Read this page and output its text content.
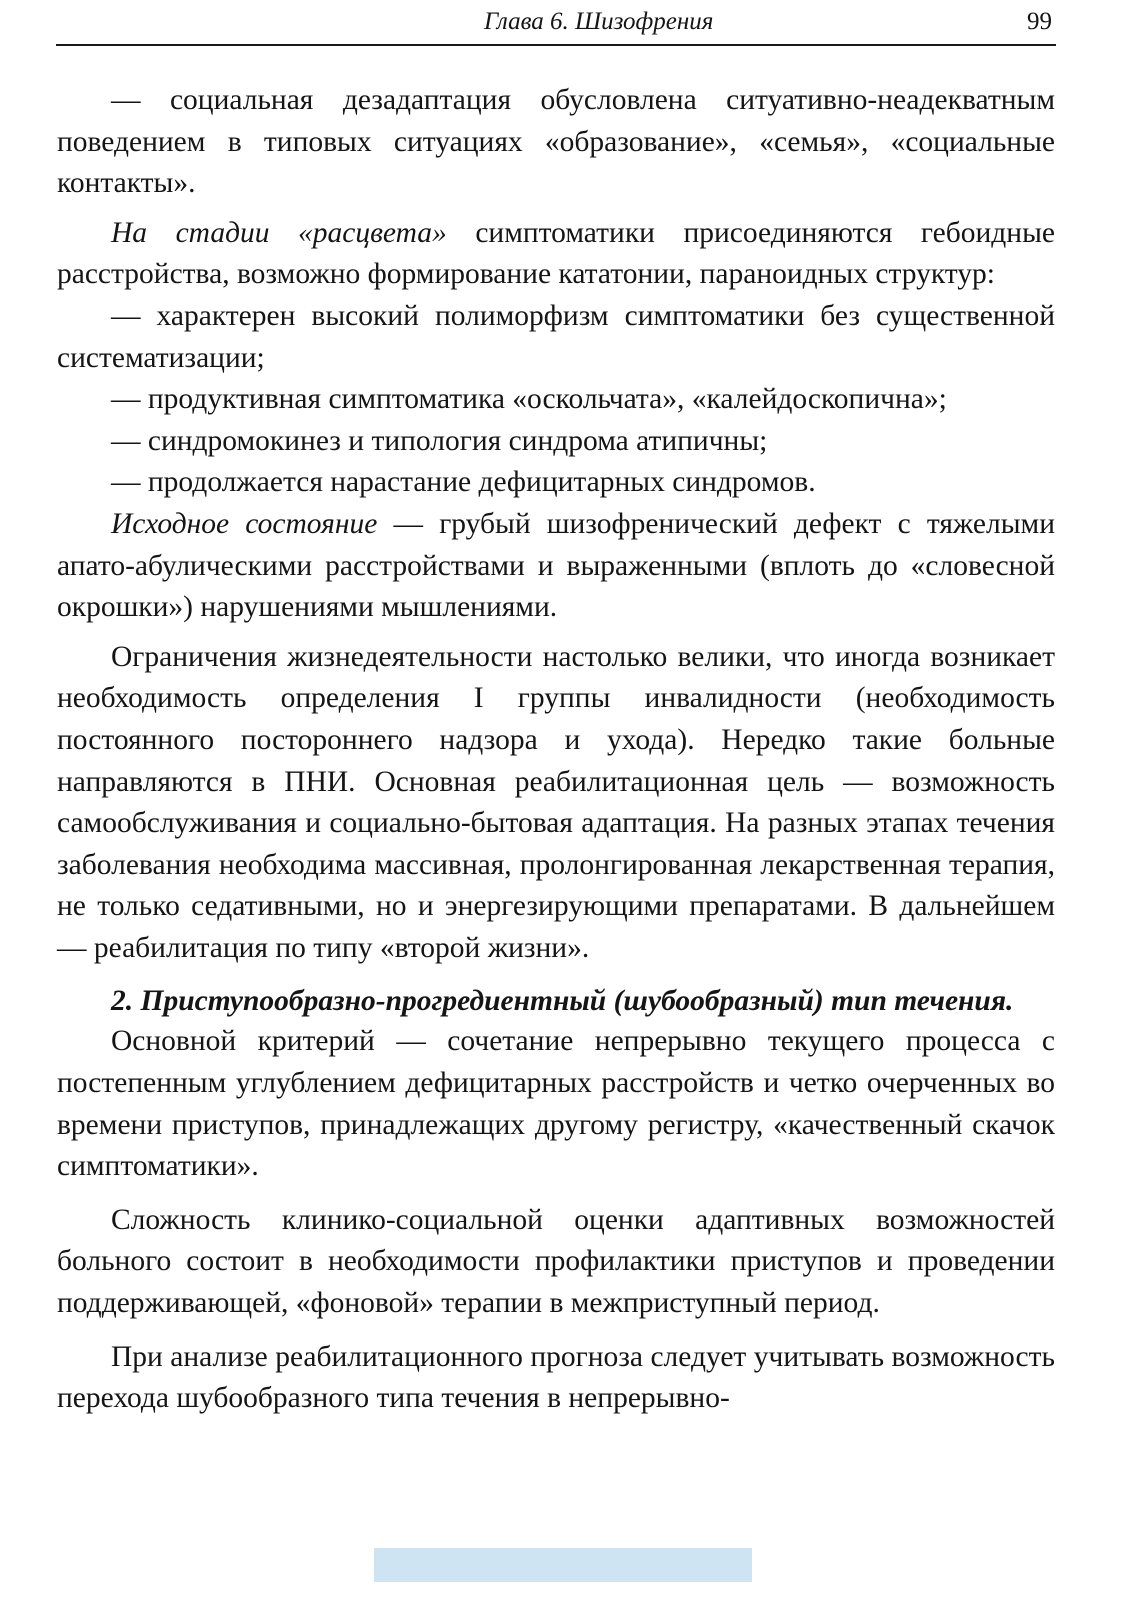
Глава 6. Шизофрения	99

— социальная дезадаптация обусловлена ситуативно-неадекватным поведением в типовых ситуациях «образование», «семья», «социальные контакты».

На стадии «расцвета» симптоматики присоединяются гебоидные расстройства, возможно формирование кататонии, параноидных структур:

— характерен высокий полиморфизм симптоматики без существенной систематизации;

— продуктивная симптоматика «оскольчата», «калейдоскопична»;

— синдромокинез и типология синдрома атипичны;

— продолжается нарастание дефицитарных синдромов.

Исходное состояние — грубый шизофренический дефект с тяжелыми апато-абулическими расстройствами и выраженными (вплоть до «словесной окрошки») нарушениями мышлениями.

Ограничения жизнедеятельности настолько велики, что иногда возникает необходимость определения I группы инвалидности (необходимость постоянного постороннего надзора и ухода). Нередко такие больные направляются в ПНИ. Основная реабилитационная цель — возможность самообслуживания и социально-бытовая адаптация. На разных этапах течения заболевания необходима массивная, пролонгированная лекарственная терапия, не только седативными, но и энергезирующими препаратами. В дальнейшем — реабилитация по типу «второй жизни».

2. Приступообразно-прогредиентный (шубообразный) тип течения.

Основной критерий — сочетание непрерывно текущего процесса с постепенным углублением дефицитарных расстройств и четко очерченных во времени приступов, принадлежащих другому регистру, «качественный скачок симптоматики».

Сложность клинико-социальной оценки адаптивных возможностей больного состоит в необходимости профилактики приступов и проведении поддерживающей, «фоновой» терапии в межприступный период.

При анализе реабилитационного прогноза следует учитывать возможность перехода шубообразного типа течения в непрерывно-
